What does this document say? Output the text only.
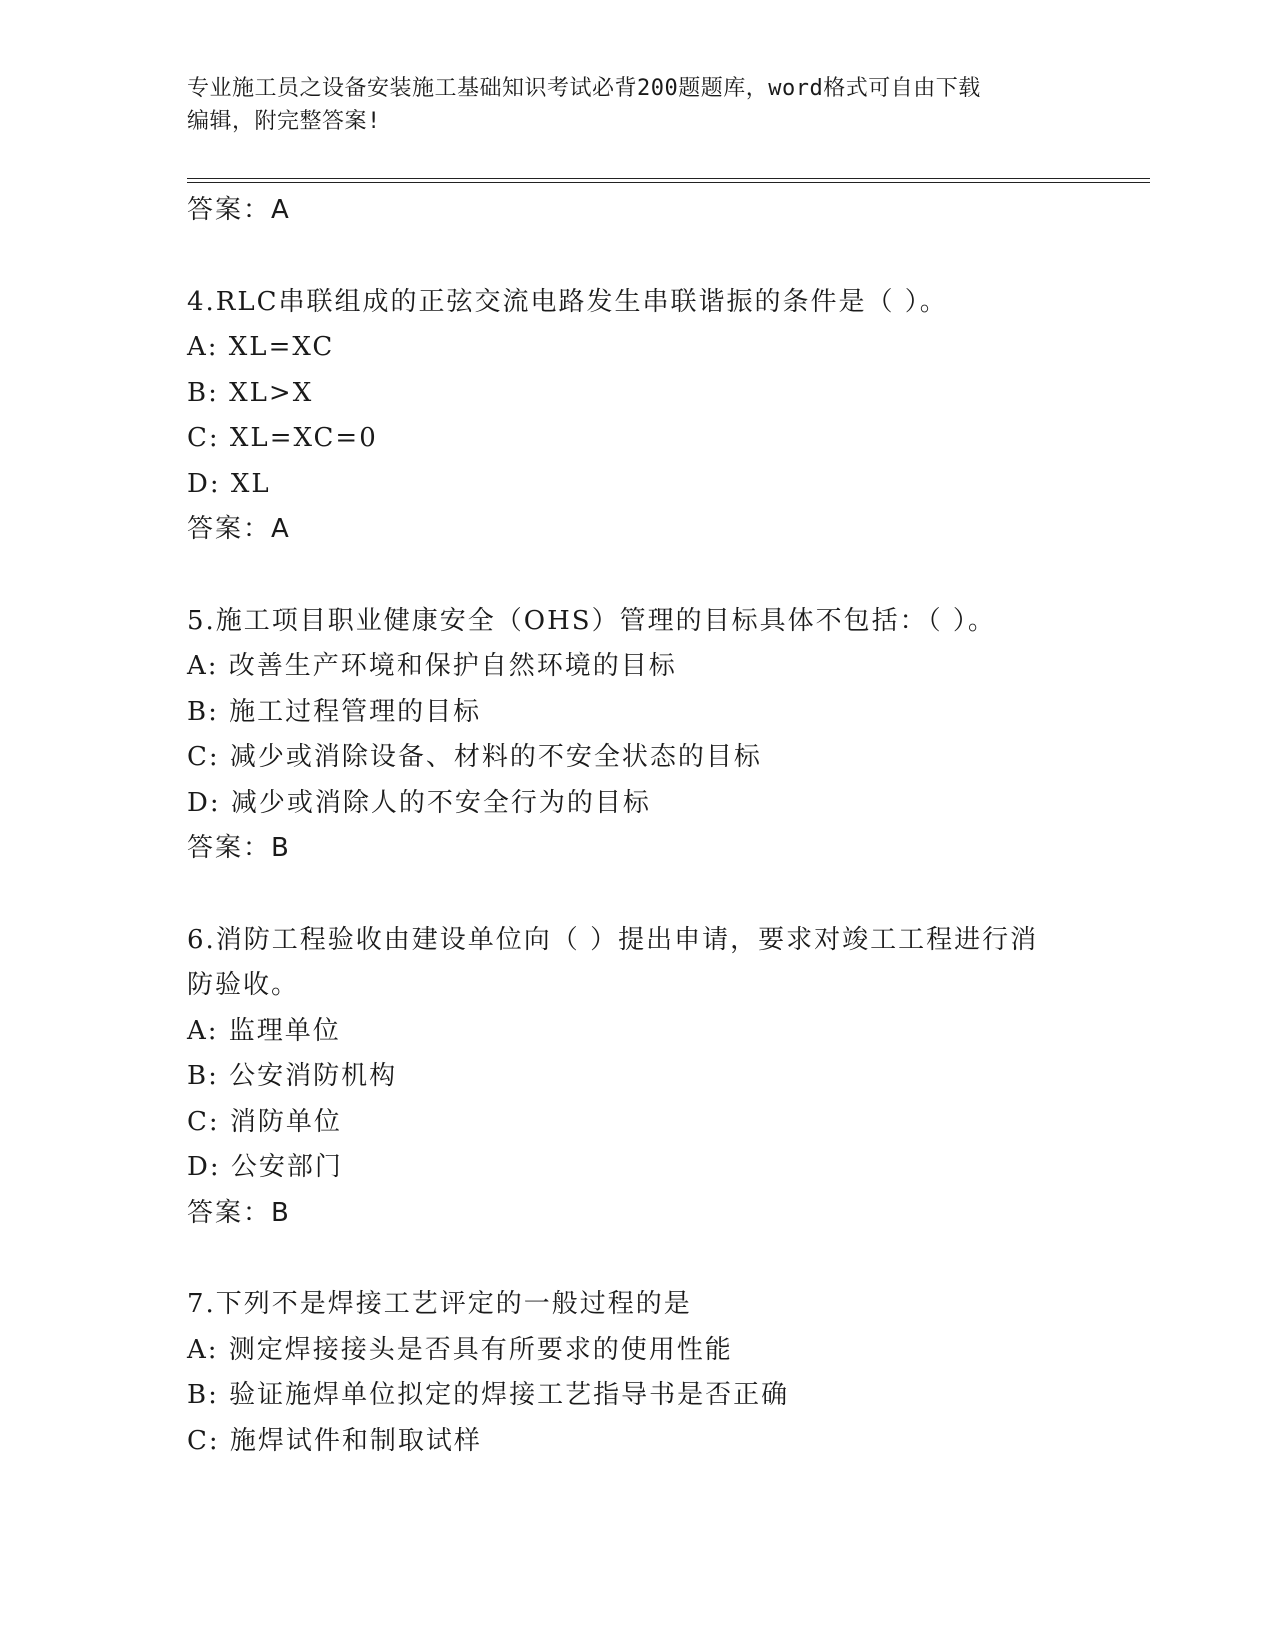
专业施工员之设备安装施工基础知识考试必背200题题库，word格式可自由下载
编辑，附完整答案!
答案：A
4.RLC串联组成的正弦交流电路发生串联谐振的条件是（ ）。
A: XL=XC
B: XL>X
C: XL=XC=0
D: XL
答案：A
5.施工项目职业健康安全（OHS）管理的目标具体不包括：（ ）。
A: 改善生产环境和保护自然环境的目标
B: 施工过程管理的目标
C: 减少或消除设备、材料的不安全状态的目标
D: 减少或消除人的不安全行为的目标
答案：B
6.消防工程验收由建设单位向（ ）提出申请，要求对竣工工程进行消
防验收。
A: 监理单位
B: 公安消防机构
C: 消防单位
D: 公安部门
答案：B
7.下列不是焊接工艺评定的一般过程的是
A: 测定焊接接头是否具有所要求的使用性能
B: 验证施焊单位拟定的焊接工艺指导书是否正确
C: 施焊试件和制取试样
